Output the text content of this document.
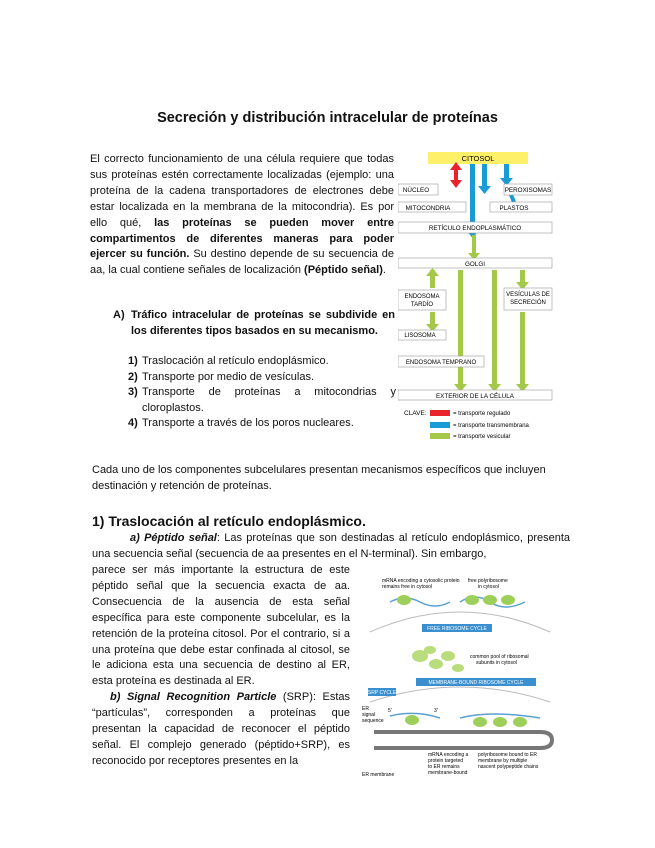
Secreción y distribución intracelular de proteínas
El correcto funcionamiento de una célula requiere que todas sus proteínas estén correctamente localizadas (ejemplo: una proteína de la cadena transportadores de electrones debe estar localizada en la membrana de la mitocondria). Es por ello qué, las proteínas se pueden mover entre compartimentos de diferentes maneras para poder ejercer su función. Su destino depende de su secuencia de aa, la cual contiene señales de localización (Péptido señal).
A) Tráfico intracelular de proteínas se subdivide en los diferentes tipos basados en su mecanismo.
1) Traslocación al retículo endoplásmico.
2) Transporte por medio de vesículas.
3) Transporte de proteínas a mitocondrias y cloroplastos.
4) Transporte a través de los poros nucleares.
CITOSOL
NÚCLEO	PEROXISOMAS
MITOCONDRIA	PLASTOS
RETÍCULO ENDOPLASMÁTICO
GOLGI
ENDOSOMA TARDÍO
VESÍCULAS DE SECRECIÓN
LISOSOMA
ENDOSOMA TEMPRANO
EXTERIOR DE LA CÉLULA
CLAVE:	= transporte regulado
= transporte transmembrana
= transporte vesicular
Cada uno de los componentes subcelulares presentan mecanismos específicos que incluyen destinación y retención de proteínas.
1) Traslocación al retículo endoplásmico.
a) Péptido señal: Las proteínas que son destinadas al retículo endoplásmico, presenta una secuencia señal (secuencia de aa presentes en el N-terminal). Sin embargo,
parece ser más importante la estructura de este péptido señal que la secuencia exacta de aa. Consecuencia de la ausencia de esta señal específica para este componente subcelular, es la retención de la proteína citosol. Por el contrario, si a una proteína que debe estar confinada al citosol, se le adiciona esta una secuencia de destino al ER, esta proteína es destinada al ER.
b) Signal Recognition Particle (SRP): Estas “partículas”, corresponden a proteínas que presentan la capacidad de reconocer el péptido señal. El complejo generado (péptido+SRP), es reconocido por receptores presentes en la
mRNA encoding a cytosolic protein
remains free in cytosol
free polyribosome
in cytosol
FREE RIBOSOME CYCLE
common pool of ribosomal
subunits in cytosol
MEMBRANE-BOUND RIBOSOME CYCLE
SRP CYCLE
ER
signal
sequence
5'	3'
mRNA encoding a
protein targeted
to ER remains
membrane-bound
polyribosome bound to ER
membrane by multiple
nascent polypeptide chains
ER membrane
